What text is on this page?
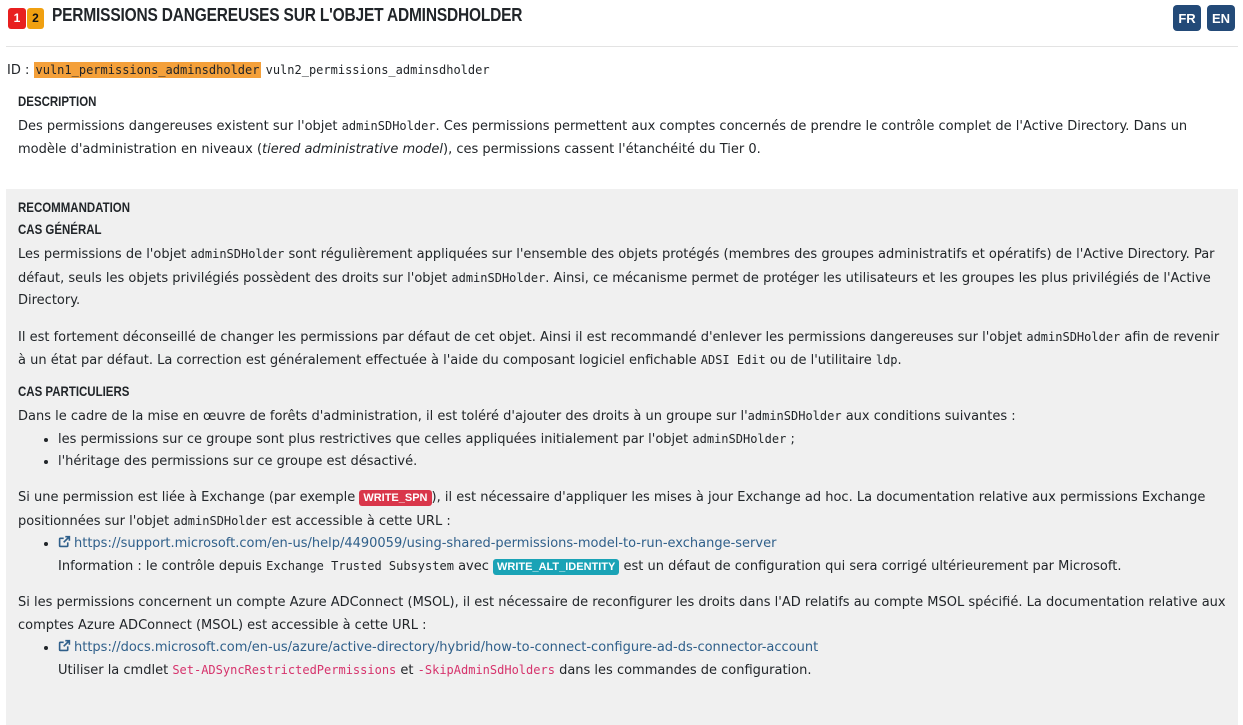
1 2 PERMISSIONS DANGEREUSES SUR L'OBJET ADMINSDHOLDER	FR	EN
ID : vuln1_permissions_adminsdholder vuln2_permissions_adminsdholder
DESCRIPTION

Des permissions dangereuses existent sur l'objet adminSDHolder. Ces permissions permettent aux comptes concernés de prendre le contrôle complet de l'Active Directory. Dans un modèle d'administration en niveaux (tiered administrative model), ces permissions cassent l'étanchéité du Tier 0.

RECOMMANDATION
CAS GÉNÉRAL

Les permissions de l'objet adminSDHolder sont régulièrement appliquées sur l'ensemble des objets protégés (membres des groupes administratifs et opératifs) de l'Active Directory. Par défaut, seuls les objets privilégiés possèdent des droits sur l'objet adminSDHolder. Ainsi, ce mécanisme permet de protéger les utilisateurs et les groupes les plus privilégiés de l'Active Directory.

Il est fortement déconseillé de changer les permissions par défaut de cet objet. Ainsi il est recommandé d'enlever les permissions dangereuses sur l'objet adminSDHolder afin de revenir à un état par défaut. La correction est généralement effectuée à l'aide du composant logiciel enfichable ADSI Edit ou de l'utilitaire ldp.

CAS PARTICULIERS

Dans le cadre de la mise en œuvre de forêts d'administration, il est toléré d'ajouter des droits à un groupe sur l'adminSDHolder aux conditions suivantes :

• les permissions sur ce groupe sont plus restrictives que celles appliquées initialement par l'objet adminSDHolder ;
• l'héritage des permissions sur ce groupe est désactivé.

Si une permission est liée à Exchange (par exemple WRITE_SPN ), il est nécessaire d'appliquer les mises à jour Exchange ad hoc. La documentation relative aux permissions Exchange positionnées sur l'objet adminSDHolder est accessible à cette URL :

• https://support.microsoft.com/en-us/help/4490059/using-shared-permissions-model-to-run-exchange-server
Information : le contrôle depuis Exchange Trusted Subsystem avec WRITE_ALT_IDENTITY est un défaut de configuration qui sera corrigé ultérieurement par Microsoft.

Si les permissions concernent un compte Azure ADConnect (MSOL), il est nécessaire de reconfigurer les droits dans l'AD relatifs au compte MSOL spécifié. La documentation relative aux comptes Azure ADConnect (MSOL) est accessible à cette URL :

• https://docs.microsoft.com/en-us/azure/active-directory/hybrid/how-to-connect-configure-ad-ds-connector-account
Utiliser la cmdlet Set-ADSyncRestrictedPermissions et -SkipAdminSdHolders dans les commandes de configuration.
